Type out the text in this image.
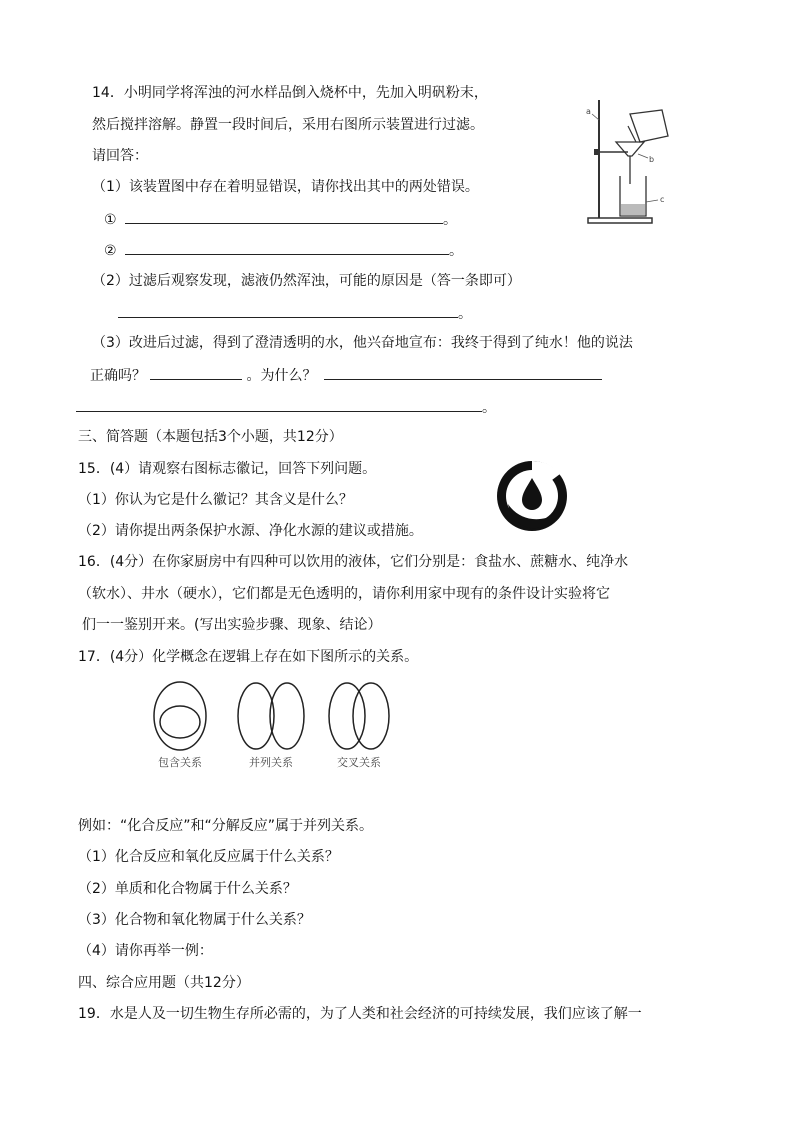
14．小明同学将浑浊的河水样品倒入烧杯中，先加入明矾粉末，
然后搅拌溶解。静置一段时间后，采用右图所示装置进行过滤。
请回答：
（1）该装置图中存在着明显错误，请你找出其中的两处错误。
①	。
②	。
（2）过滤后观察发现，滤液仍然浑浊，可能的原因是（答一条即可）
。
（3）改进后过滤，得到了澄清透明的水，他兴奋地宣布：我终于得到了纯水！他的说法
正确吗？	。为什么？
。
a
b
c
三、简答题（本题包括3个小题，共12分）
15．(4）请观察右图标志徽记，回答下列问题。
（1）你认为它是什么徽记？其含义是什么？
（2）请你提出两条保护水源、净化水源的建议或措施。
16．(4分）在你家厨房中有四种可以饮用的液体，它们分别是：食盐水、蔗糖水、纯净水
（软水）、井水（硬水），它们都是无色透明的，请你利用家中现有的条件设计实验将它
们一一鉴别开来。(写出实验步骤、现象、结论）
17．(4分）化学概念在逻辑上存在如下图所示的关系。
包含关系	并列关系	交叉关系
例如：“化合反应”和“分解反应”属于并列关系。
（1）化合反应和氧化反应属于什么关系？
（2）单质和化合物属于什么关系？
（3）化合物和氧化物属于什么关系？
（4）请你再举一例：
四、综合应用题（共12分）
19．水是人及一切生物生存所必需的，为了人类和社会经济的可持续发展，我们应该了解一
